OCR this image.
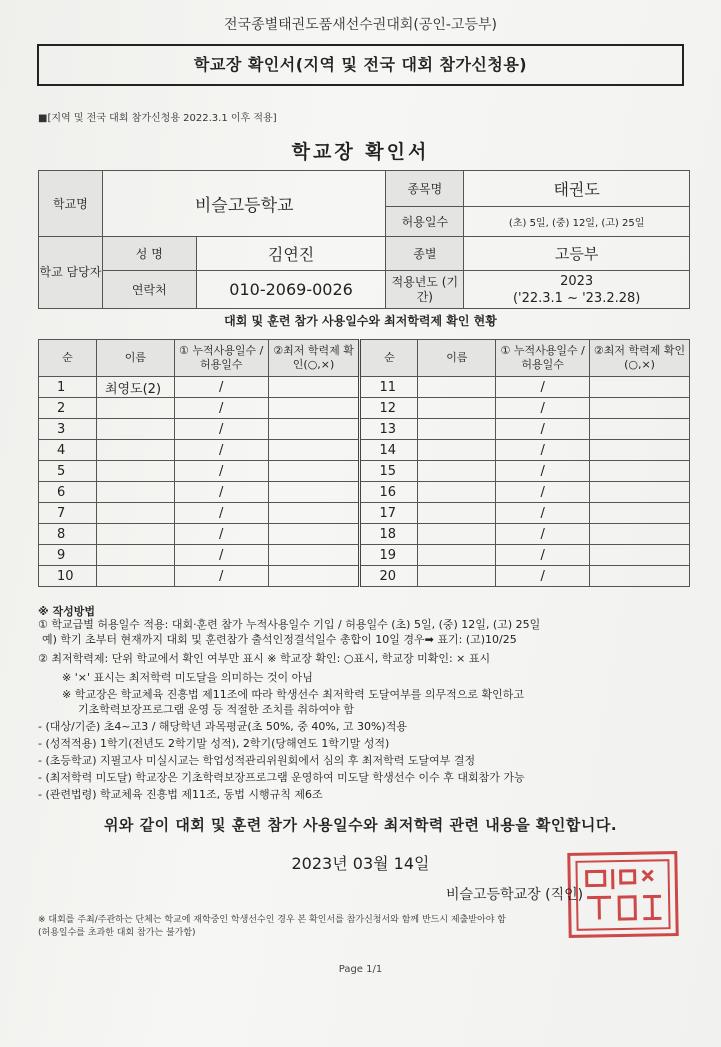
전국종별태권도품새선수권대회(공인-고등부)
학교장 확인서(지역 및 전국 대회 참가신청용)
■[지역 및 전국 대회 참가신청용 2022.3.1 이후 적용]
학교장 확인서
학교명	비슬고등학교		종목명	태권도
			허용일수	(초) 5일, (중) 12일, (고) 25일
학교 담당자	성 명	김연진	종별	고등부
	연락처	010-2069-0026	적용년도 (기간)	2023
('22.3.1 ~ '23.2.28)
대회 및 훈련 참가 사용일수와 최저학력제 확인 현황
순	이름	① 누적사용일수 /허용일수	②최저 학력제 확인(○,×)	순	이름	① 누적사용일수 /허용일수	②최저 학력제 확인(○,×)
1	최영도(2)	/		11		/	
2		/		12		/	
3		/		13		/	
4		/		14		/	
5		/		15		/	
6		/		16		/	
7		/		17		/	
8		/		18		/	
9		/		19		/	
10		/		20		/	
※ 작성방법
① 학교급별 허용일수 적용: 대회·훈련 참가 누적사용일수 기입 / 허용일수 (초) 5일, (중) 12일, (고) 25일
예) 학기 초부터 현재까지 대회 및 훈련참가 출석인정결석일수 총합이 10일 경우➡ 표기: (고)10/25
② 최저학력제: 단위 학교에서 확인 여부만 표시 ※ 학교장 확인: ○표시, 학교장 미확인: × 표시
※ '×' 표시는 최저학력 미도달을 의미하는 것이 아님
※ 학교장은 학교체육 진흥법 제11조에 따라 학생선수 최저학력 도달여부를 의무적으로 확인하고
기초학력보장프로그램 운영 등 적절한 조치를 취하여야 함
- (대상/기준) 초4~고3 / 해당학년 과목평균(초 50%, 중 40%, 고 30%)적용
- (성적적용) 1학기(전년도 2학기말 성적), 2학기(당해연도 1학기말 성적)
- (초등학교) 지필고사 미실시교는 학업성적관리위원회에서 심의 후 최저학력 도달여부 결정
- (최저학력 미도달) 학교장은 기초학력보장프로그램 운영하여 미도달 학생선수 이수 후 대회참가 가능
- (관련법령) 학교체육 진흥법 제11조, 동법 시행규칙 제6조
위와 같이 대회 및 훈련 참가 사용일수와 최저학력 관련 내용을 확인합니다.
2023년 03월 14일
비슬고등학교장 (직인)
※ 대회를 주최/주관하는 단체는 학교에 재학중인 학생선수인 경우 본 확인서를 참가신청서와 함께 반드시 제출받아야 함
(허용일수를 초과한 대회 참가는 불가함)
Page 1/1
